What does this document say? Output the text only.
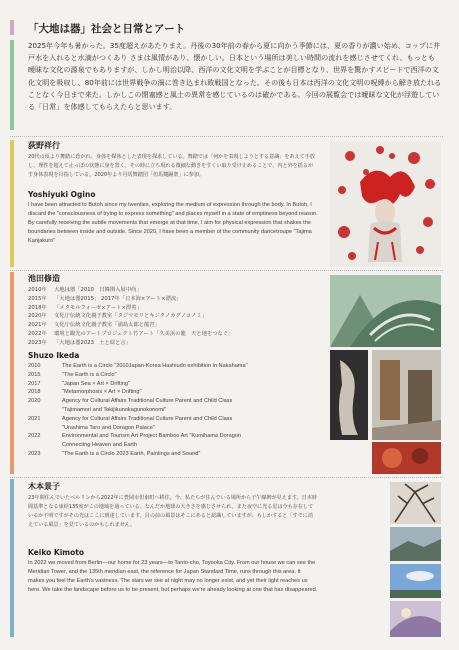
「大地は器」社会と日常とアート

2025年今年も暑かった。35度超えがあたりまえ。丹後の30年前の春から夏に向かう季節には、夏の香りが濃い始め、コップに井戸水を入れると水滴がつくあり さまは風情があり、懐かしい。日本という場所は美しい時間の流れを感じさせてくれ、もっとも曖昧な文化の源泉でもありますが、しかし明治以降、西洋の文化文明を学ぶことが目標となり、世界を驚かすスピードで西洋の文化文明を吸収し、80年前には世界戦争の渦に巻き込まれ敗戦国となった。その後も日本は西洋の文化文明の呪縛から解き放たれることなく今日まで来た。しかしこの閉塞感と風土の異常を感じているのは確かである。今回の展覧会では曖昧な文化が浮遊している「日常」を体感してもらえたらと思います。

荻野祥行

20代の頃より舞踏に惹かれ、身体を媒体とした表現を探求している。舞踏では「何かを表現しようとする意識」をあえて手放し、理性を超えて止っぽの状態に身を置く。その時に立ち現れる微細な動きをすくい取り受け止めることで、内と外を揺るがす身体表現を目指している。2020年より丹馬舞踏団「但馬鑓踊衆」に参加。

Yoshiyuki Ogino

I have been attracted to Butoh since my twenties, exploring the medium of expression through the body. In Butoh, I discard the "consciousness of trying to express something" and places myself in a state of emptiness beyond reason. By carefully receiving the subtle movements that emerge at that time, I aim for physical expression that shakes the boundaries between inside and outside. Since 2020, I have been a member of the community dancetroupe "Tajima Kanjakuro"

池田修造
2010年	大地は器「2010　日韓関入展中尚」
2015年	「大地は器2015」 2017年「日本海×アート×漂流」
2018年	「メタモルフォーゼ×アート×漂着」
2020年	文化庁伝統文化親子教室「タジマモリとキジクノカグノコノミ」
2021年	文化庁伝統文化親子教室「浦島太郎と龍宮」
2022年	環境と観光のアートプロジェクト竹アート「久美浜の龍　天と地をつなぐ」
2023年	「大地は器2023　土と絵と言」
Shuzo Ikeda
2010	The Earth is a Circlo "2010Japan-Korea Hashiudo exhibition in Nakahama"
2015	"The Earth is a Circlo"
2017	"Japan Sea × Art × Drifting"
2018	"Metamorphosis × Art × Drifting"
2020	Agency for Cultural Affairs Traditional Culture Parent and Child Class
"Tajimamori and Tokijikunokagunokonomi"
2021	Agency for Cultural Affairs Traditional Culture Parent and Child Class
"Urashima Taro and Doragon Palace"
2022	Environmental and Tourism Art Project Bamboo Art "Kumihama Doragon
Connecting Heaven and Earth
2023	"The Earth is a Circlo 2023 Earth, Paintings and Sound"
木本景子

23年間住んでいたベルリンから2022年に豊岡市但東町へ移住。今、私たちが住んでいる場所から子午線碑が見えます。日本時間基準となる東経135度がこの地域を通っている。なんだか地球の大きさを感じさせられ。また夜空に光る星は今も存在しているか不明ですがその光はここに到達しています。目の前の風景はそこにあると認識していますが、もしかすると「すでに消えている風景」を見ているのかもしれません。

Keiko Kimoto

In 2022 we moved from Berlin—our home for 23 years—to Tanto-cho, Toyooka City. From our house we can see the Meridian Tower, and the 135th meridian east, the reference for Japan Standard Time, runs through this area. It makes you feel the Earth's vastness. The stars we see at night may no longer exist, and yet their light reaches us here. We take the landscape before us to be present, but perhaps we're already looking at one that has disappeared.
